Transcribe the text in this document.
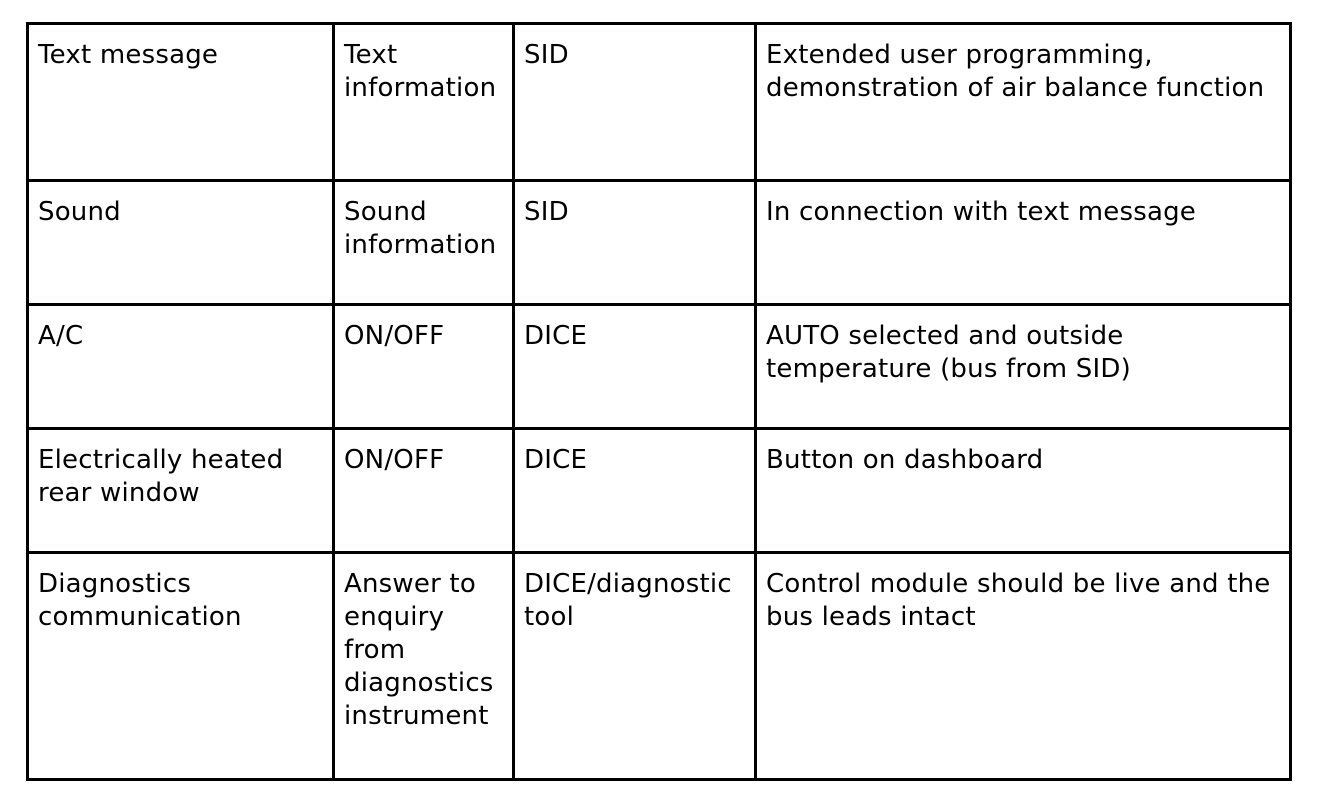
Text message	Text information	SID	Extended user programming, demonstration of air balance function
Sound	Sound information	SID	In connection with text message
A/C	ON/OFF	DICE	AUTO selected and outside temperature (bus from SID)
Electrically heated rear window	ON/OFF	DICE	Button on dashboard
Diagnostics communication	Answer to enquiry from diagnostics instrument	DICE/diagnostic tool	Control module should be live and the bus leads intact
